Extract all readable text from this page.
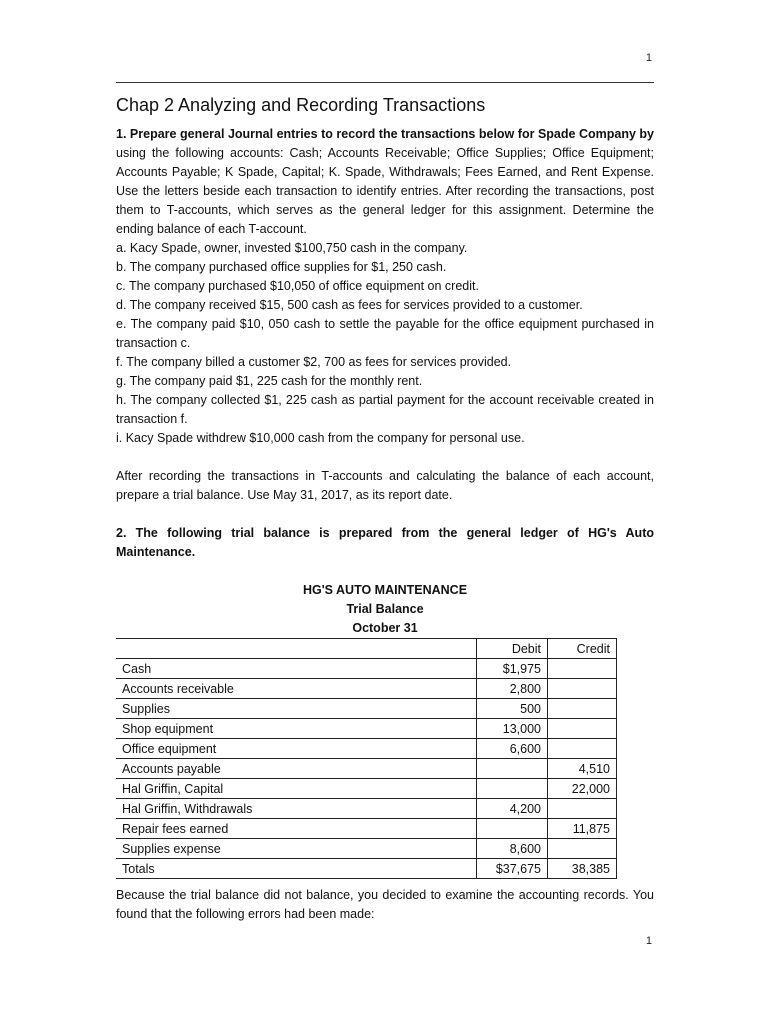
1
Chap 2 Analyzing and Recording Transactions

1. Prepare general Journal entries to record the transactions below for Spade Company by using the following accounts: Cash; Accounts Receivable; Office Supplies; Office Equipment; Accounts Payable; K Spade, Capital; K. Spade, Withdrawals; Fees Earned, and Rent Expense. Use the letters beside each transaction to identify entries. After recording the transactions, post them to T-accounts, which serves as the general ledger for this assignment. Determine the ending balance of each T-account.

a. Kacy Spade, owner, invested $100,750 cash in the company.

b. The company purchased office supplies for $1, 250 cash.

c. The company purchased $10,050 of office equipment on credit.

d. The company received $15, 500 cash as fees for services provided to a customer.

e. The company paid $10, 050 cash to settle the payable for the office equipment purchased in transaction c.

f. The company billed a customer $2, 700 as fees for services provided.

g. The company paid $1, 225 cash for the monthly rent.

h. The company collected $1, 225 cash as partial payment for the account receivable created in transaction f.

i. Kacy Spade withdrew $10,000 cash from the company for personal use.

After recording the transactions in T-accounts and calculating the balance of each account, prepare a trial balance. Use May 31, 2017, as its report date.
2. The following trial balance is prepared from the general ledger of HG's Auto Maintenance.
HG'S AUTO MAINTENANCE
Trial Balance
October 31
	Debit	Credit
Cash	$1,975	
Accounts receivable	2,800	
Supplies	500	
Shop equipment	13,000	
Office equipment	6,600	
Accounts payable		4,510
Hal Griffin, Capital		22,000
Hal Griffin, Withdrawals	4,200	
Repair fees earned		11,875
Supplies expense	8,600	
Totals	$37,675	38,385
Because the trial balance did not balance, you decided to examine the accounting records. You found that the following errors had been made:
1
